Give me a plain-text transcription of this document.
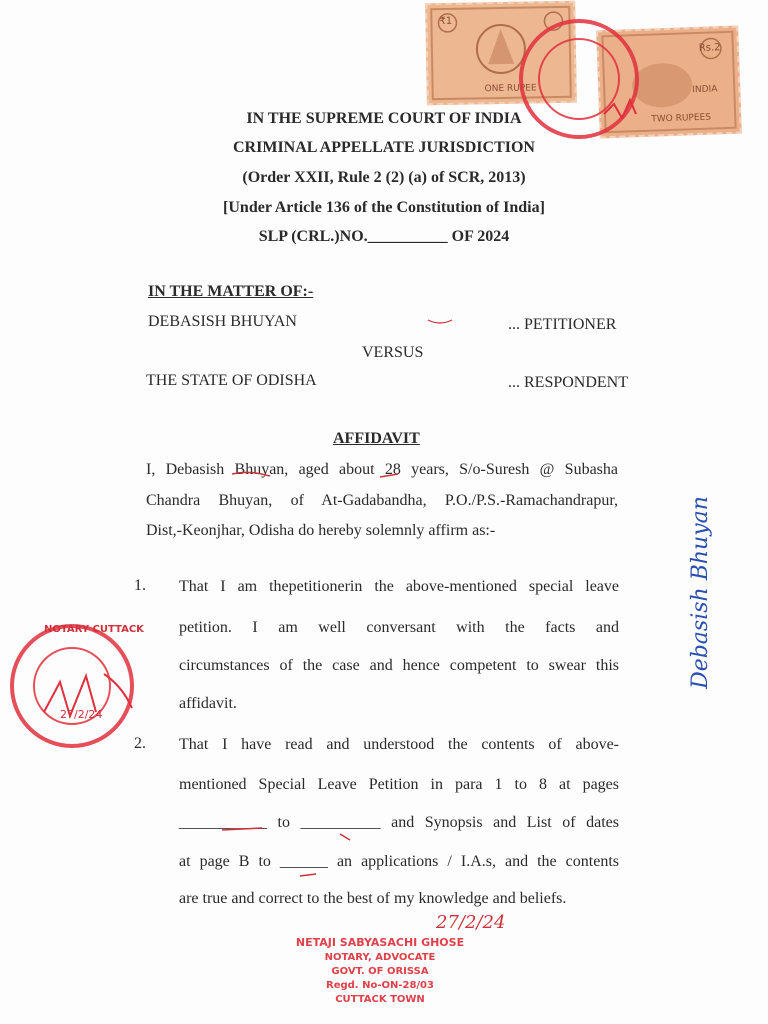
₹1
ONE RUPEE
Rs.2
INDIA
TWO RUPEES
IN THE SUPREME COURT OF INDIA
CRIMINAL APPELLATE JURISDICTION
(Order XXII, Rule 2 (2) (a) of SCR, 2013)
[Under Article 136 of the Constitution of India]
SLP (CRL.)NO.__________ OF 2024
IN THE MATTER OF:-
DEBASISH BHUYAN	... PETITIONER
VERSUS
THE STATE OF ODISHA	... RESPONDENT
AFFIDAVIT
I, Debasish Bhuyan, aged about 28 years, S/o-Suresh @ Subasha
Chandra Bhuyan, of At-Gadabandha, P.O./P.S.-Ramachandrapur,
Dist,-Keonjhar, Odisha do hereby solemnly affirm as:-
1. That I am thepetitionerin the above-mentioned special leave
petition. I am well conversant with the facts and
circumstances of the case and hence competent to swear this
affidavit.
2. That I have read and understood the contents of above-
mentioned Special Leave Petition in para 1 to 8 at pages
___________ to __________ and Synopsis and List of dates
at page B to ______ an applications / I.A.s, and the contents
are true and correct to the best of my knowledge and beliefs.
NOTARY CUTTACK
27/2/24
Debasish Bhuyan
27/2/24
NETAJI SABYASACHI GHOSE
NOTARY, ADVOCATE
GOVT. OF ORISSA
Regd. No-ON-28/03
CUTTACK TOWN
